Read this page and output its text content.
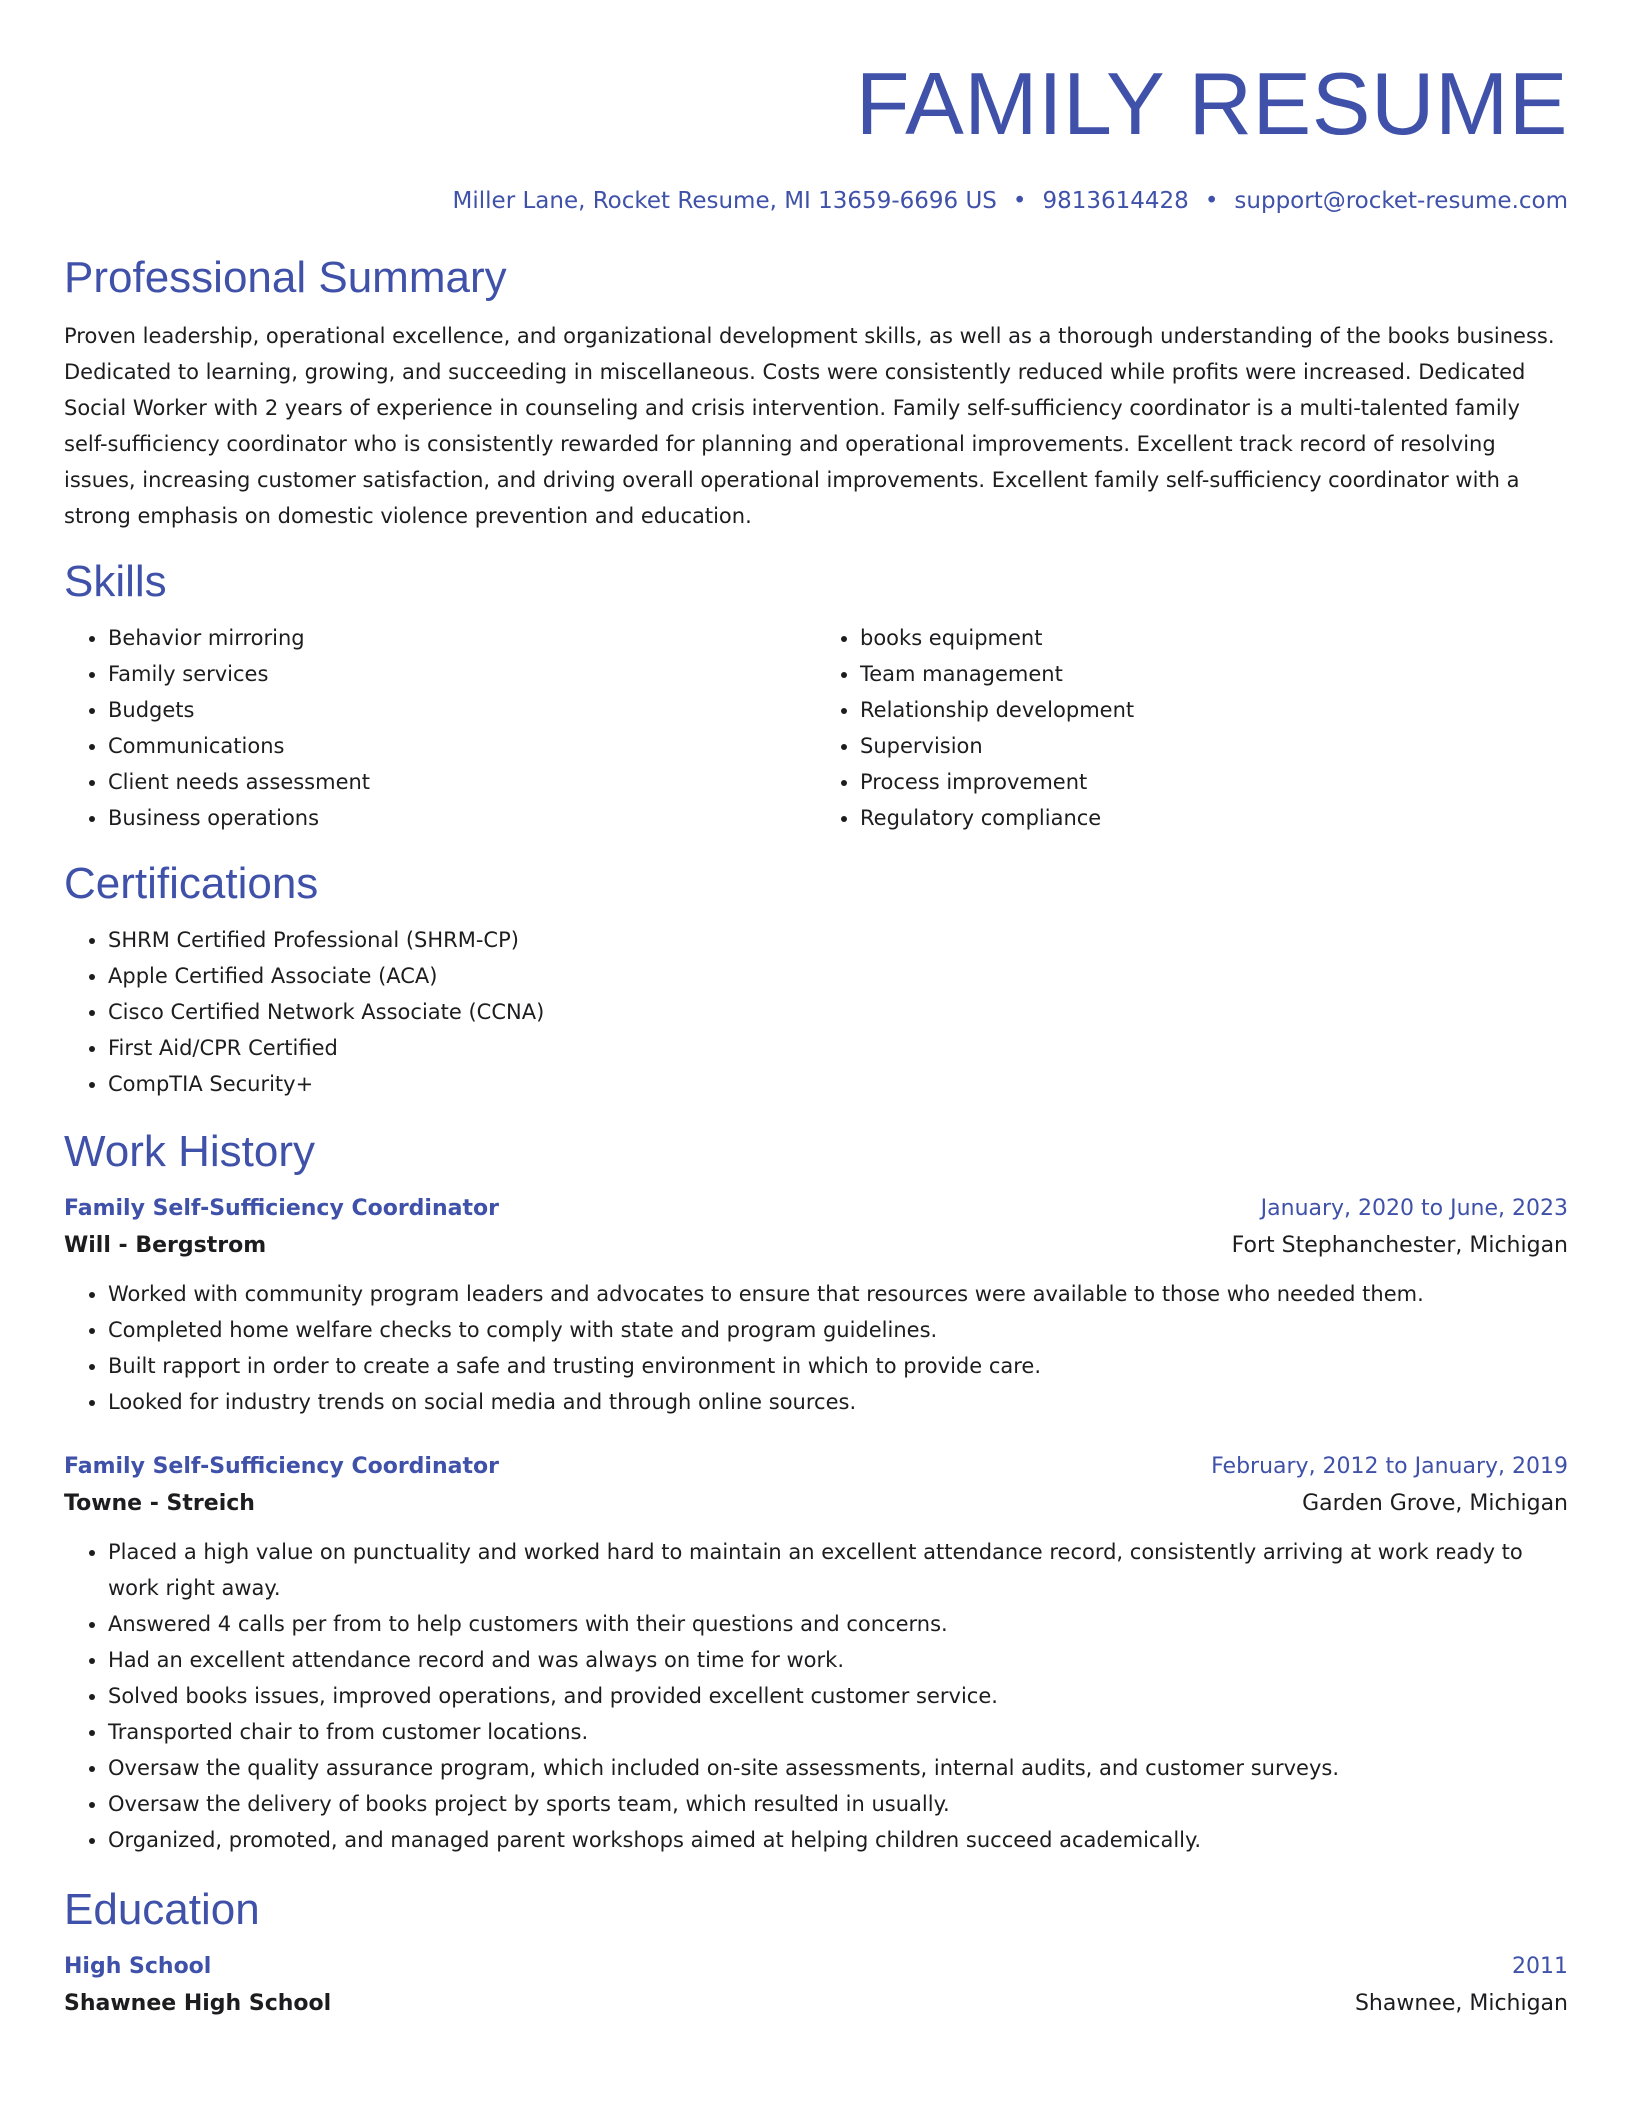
FAMILY RESUME
Miller Lane, Rocket Resume, MI 13659-6696 US • 9813614428 • support@rocket-resume.com
Professional Summary

Proven leadership, operational excellence, and organizational development skills, as well as a thorough understanding of the books business. Dedicated to learning, growing, and succeeding in miscellaneous. Costs were consistently reduced while profits were increased. Dedicated Social Worker with 2 years of experience in counseling and crisis intervention. Family self-sufficiency coordinator is a multi-talented family self-sufficiency coordinator who is consistently rewarded for planning and operational improvements. Excellent track record of resolving issues, increasing customer satisfaction, and driving overall operational improvements. Excellent family self-sufficiency coordinator with a strong emphasis on domestic violence prevention and education.

Skills
• Behavior mirroring
• Family services
• Budgets
• Communications
• Client needs assessment
• Business operations
• books equipment
• Team management
• Relationship development
• Supervision
• Process improvement
• Regulatory compliance
Certifications
• SHRM Certified Professional (SHRM-CP)
• Apple Certified Associate (ACA)
• Cisco Certified Network Associate (CCNA)
• First Aid/CPR Certified
• CompTIA Security+
Work History
Family Self-Sufficiency Coordinator	January, 2020 to June, 2023
Will - Bergstrom	Fort Stephanchester, Michigan
• Worked with community program leaders and advocates to ensure that resources were available to those who needed them.
• Completed home welfare checks to comply with state and program guidelines.
• Built rapport in order to create a safe and trusting environment in which to provide care.
• Looked for industry trends on social media and through online sources.
Family Self-Sufficiency Coordinator	February, 2012 to January, 2019
Towne - Streich	Garden Grove, Michigan
• Placed a high value on punctuality and worked hard to maintain an excellent attendance record, consistently arriving at work ready to work right away.
• Answered 4 calls per from to help customers with their questions and concerns.
• Had an excellent attendance record and was always on time for work.
• Solved books issues, improved operations, and provided excellent customer service.
• Transported chair to from customer locations.
• Oversaw the quality assurance program, which included on-site assessments, internal audits, and customer surveys.
• Oversaw the delivery of books project by sports team, which resulted in usually.
• Organized, promoted, and managed parent workshops aimed at helping children succeed academically.
Education
High School	2011
Shawnee High School	Shawnee, Michigan
